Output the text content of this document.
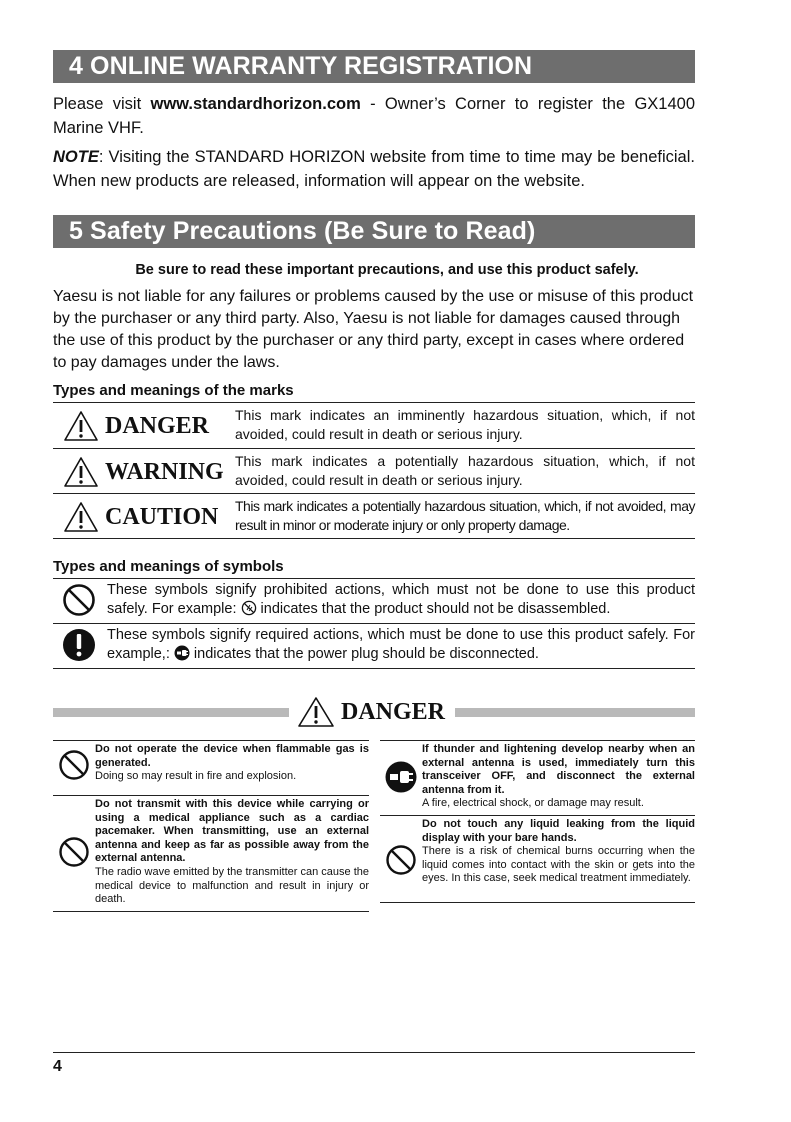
4 ONLINE WARRANTY REGISTRATION
Please visit www.standardhorizon.com - Owner’s Corner to register the GX1400 Marine VHF.
NOTE: Visiting the STANDARD HORIZON website from time to time may be beneficial. When new products are released, information will appear on the website.
5 Safety Precautions (Be Sure to Read)
Be sure to read these important precautions, and use this product safely.
Yaesu is not liable for any failures or problems caused by the use or misuse of this product by the purchaser or any third party. Also, Yaesu is not liable for damages caused through the use of this product by the purchaser or any third party, except in cases where ordered to pay damages under the laws.
Types and meanings of the marks
DANGER This mark indicates an imminently hazardous situation, which, if not avoided, could result in death or serious injury.
WARNING This mark indicates a potentially hazardous situation, which, if not avoided, could result in death or serious injury.
CAUTION This mark indicates a potentially hazardous situation, which, if not avoided, may result in minor or moderate injury or only property damage.
Types and meanings of symbols
These symbols signify prohibited actions, which must not be done to use this product safely. For example:  indicates that the product should not be disassembled.
These symbols signify required actions, which must be done to use this product safely. For example,:  indicates that the power plug should be disconnected.
DANGER
Do not operate the device when flammable gas is generated.
Doing so may result in fire and explosion.
Do not transmit with this device while carrying or using a medical appliance such as a cardiac pacemaker. When transmitting, use an external antenna and keep as far as possible away from the external antenna.
The radio wave emitted by the transmitter can cause the medical device to malfunction and result in injury or death.
If thunder and lightening develop nearby when an external antenna is used, immediately turn this transceiver OFF, and disconnect the external antenna from it.
A fire, electrical shock, or damage may result.
Do not touch any liquid leaking from the liquid display with your bare hands.
There is a risk of chemical burns occurring when the liquid comes into contact with the skin or gets into the eyes. In this case, seek medical treatment immediately.
4
